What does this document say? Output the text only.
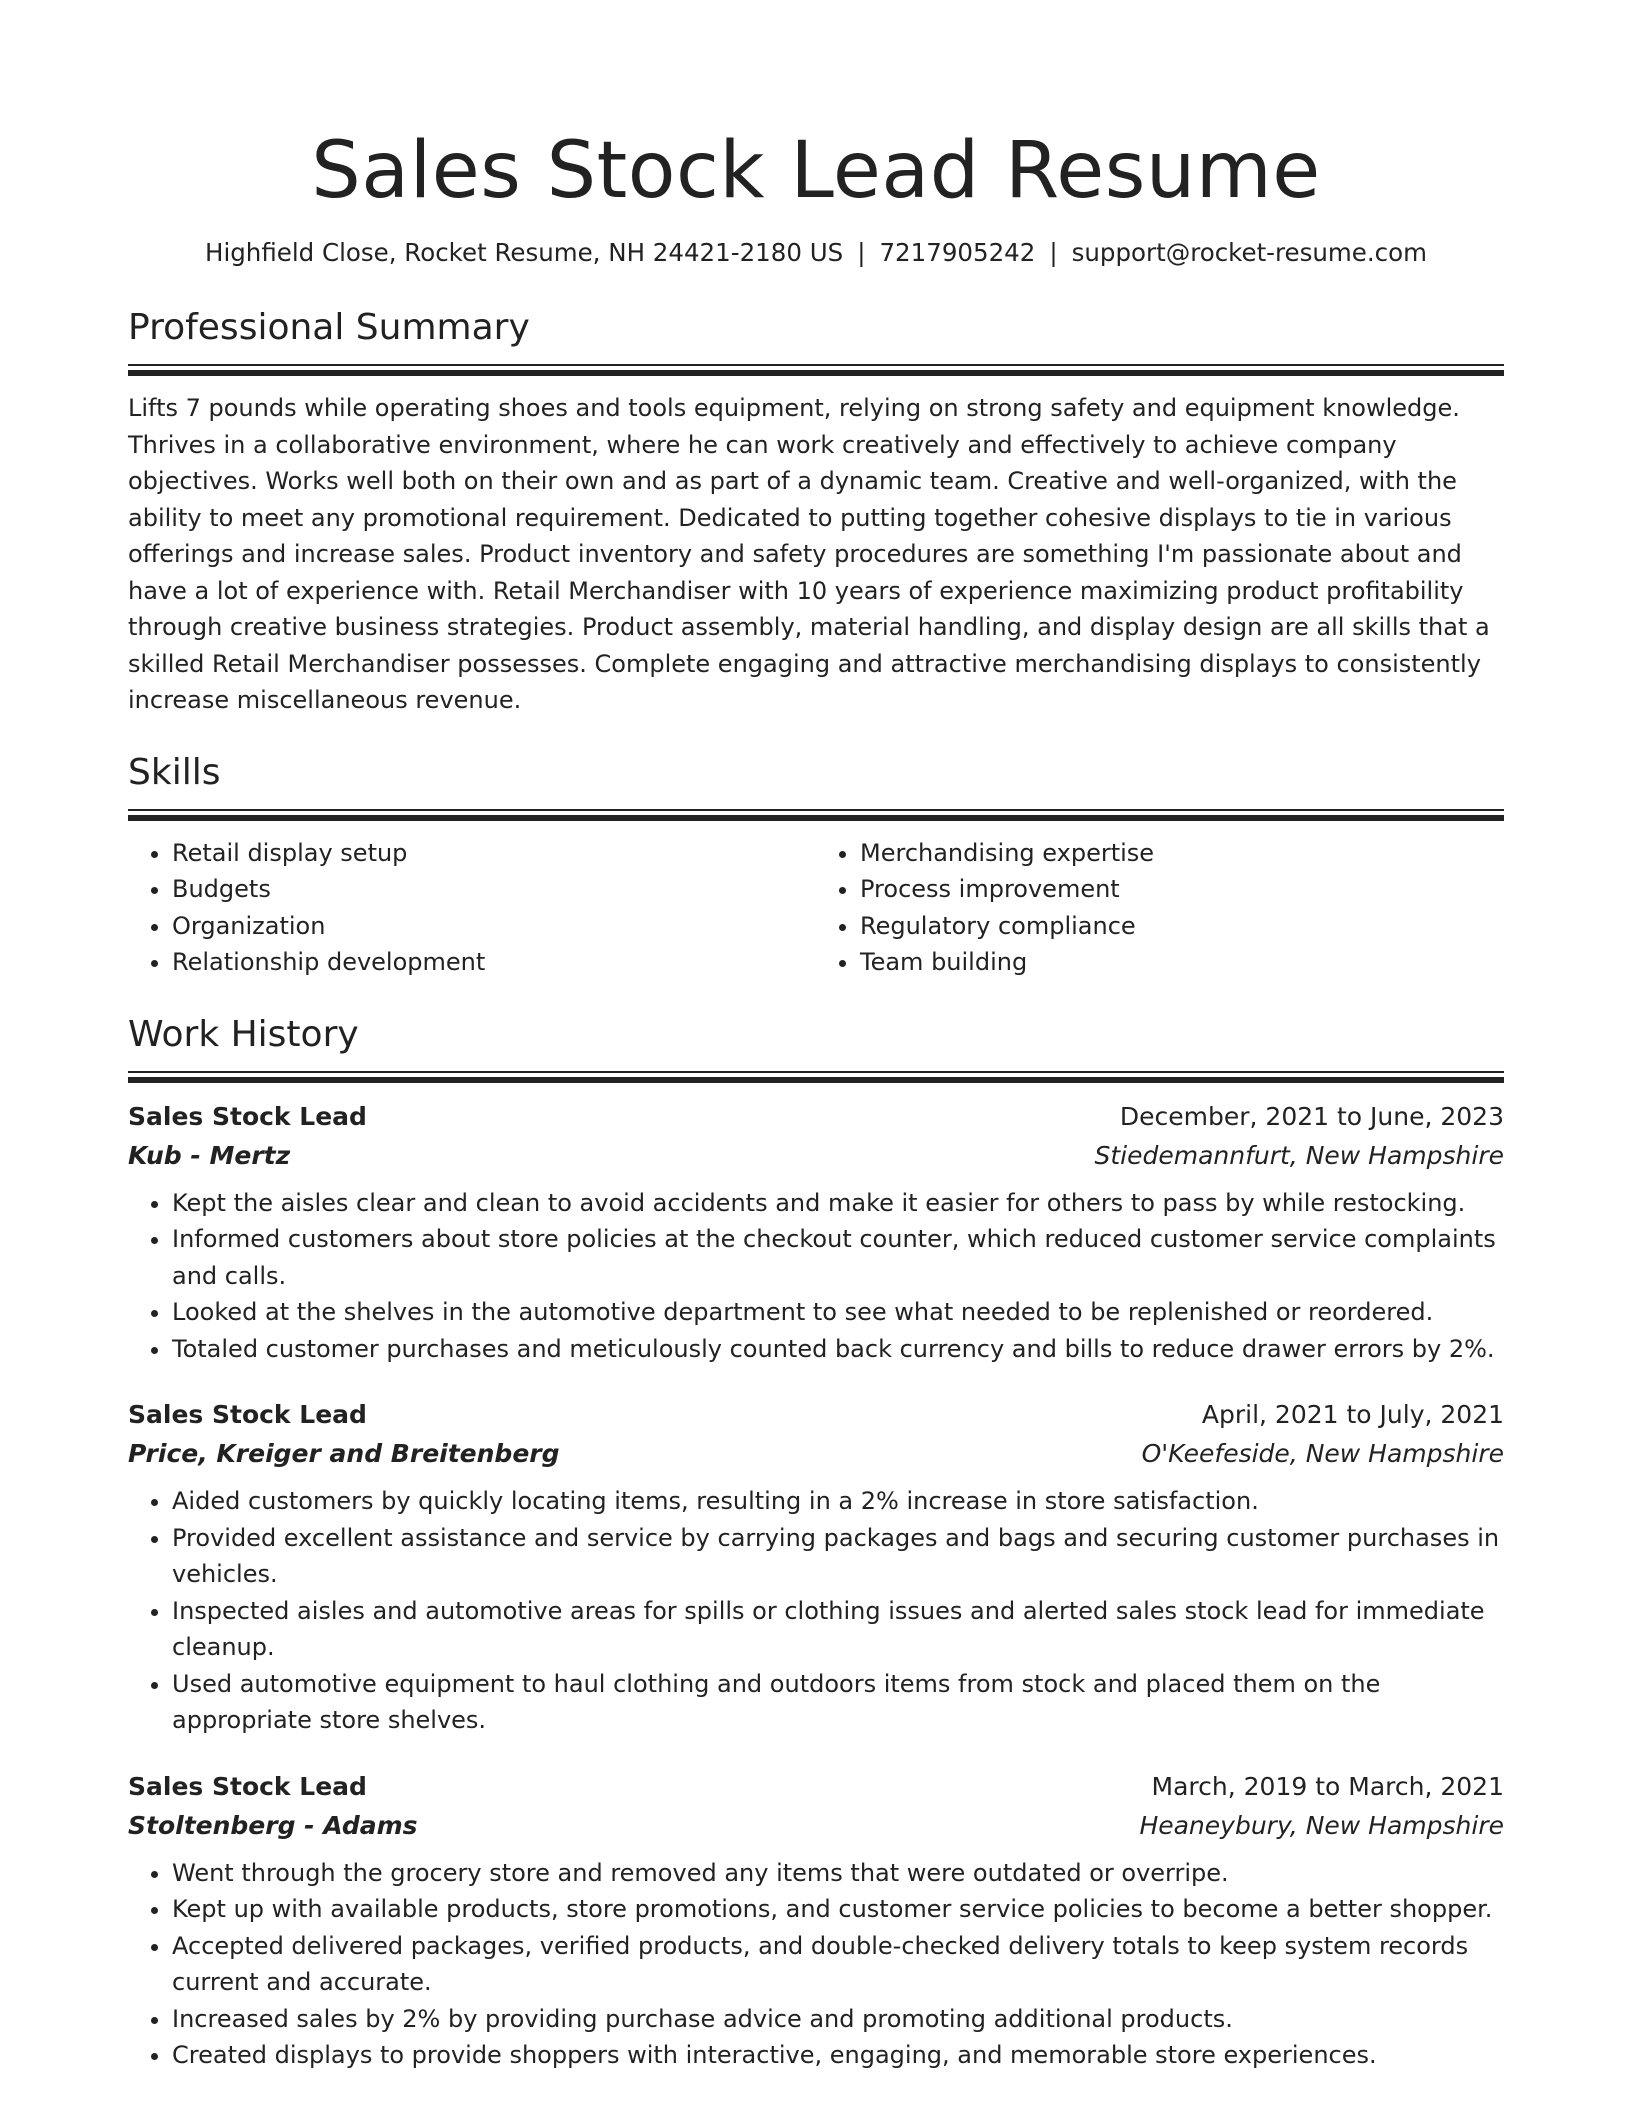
Sales Stock Lead Resume
Highfield Close, Rocket Resume, NH 24421-2180 US | 7217905242 | support@rocket-resume.com
Professional Summary

Lifts 7 pounds while operating shoes and tools equipment, relying on strong safety and equipment knowledge. Thrives in a collaborative environment, where he can work creatively and effectively to achieve company objectives. Works well both on their own and as part of a dynamic team. Creative and well-organized, with the ability to meet any promotional requirement. Dedicated to putting together cohesive displays to tie in various offerings and increase sales. Product inventory and safety procedures are something I'm passionate about and have a lot of experience with. Retail Merchandiser with 10 years of experience maximizing product profitability through creative business strategies. Product assembly, material handling, and display design are all skills that a skilled Retail Merchandiser possesses. Complete engaging and attractive merchandising displays to consistently increase miscellaneous revenue.

Skills
• Retail display setup
• Budgets
• Organization
• Relationship development
• Merchandising expertise
• Process improvement
• Regulatory compliance
• Team building
Work History
Sales Stock Lead	December, 2021 to June, 2023
Kub - Mertz	Stiedemannfurt, New Hampshire
• Kept the aisles clear and clean to avoid accidents and make it easier for others to pass by while restocking.
• Informed customers about store policies at the checkout counter, which reduced customer service complaints and calls.
• Looked at the shelves in the automotive department to see what needed to be replenished or reordered.
• Totaled customer purchases and meticulously counted back currency and bills to reduce drawer errors by 2%.
Sales Stock Lead	April, 2021 to July, 2021
Price, Kreiger and Breitenberg	O'Keefeside, New Hampshire
• Aided customers by quickly locating items, resulting in a 2% increase in store satisfaction.
• Provided excellent assistance and service by carrying packages and bags and securing customer purchases in vehicles.
• Inspected aisles and automotive areas for spills or clothing issues and alerted sales stock lead for immediate cleanup.
• Used automotive equipment to haul clothing and outdoors items from stock and placed them on the appropriate store shelves.
Sales Stock Lead	March, 2019 to March, 2021
Stoltenberg - Adams	Heaneybury, New Hampshire
• Went through the grocery store and removed any items that were outdated or overripe.
• Kept up with available products, store promotions, and customer service policies to become a better shopper.
• Accepted delivered packages, verified products, and double-checked delivery totals to keep system records current and accurate.
• Increased sales by 2% by providing purchase advice and promoting additional products.
• Created displays to provide shoppers with interactive, engaging, and memorable store experiences.
